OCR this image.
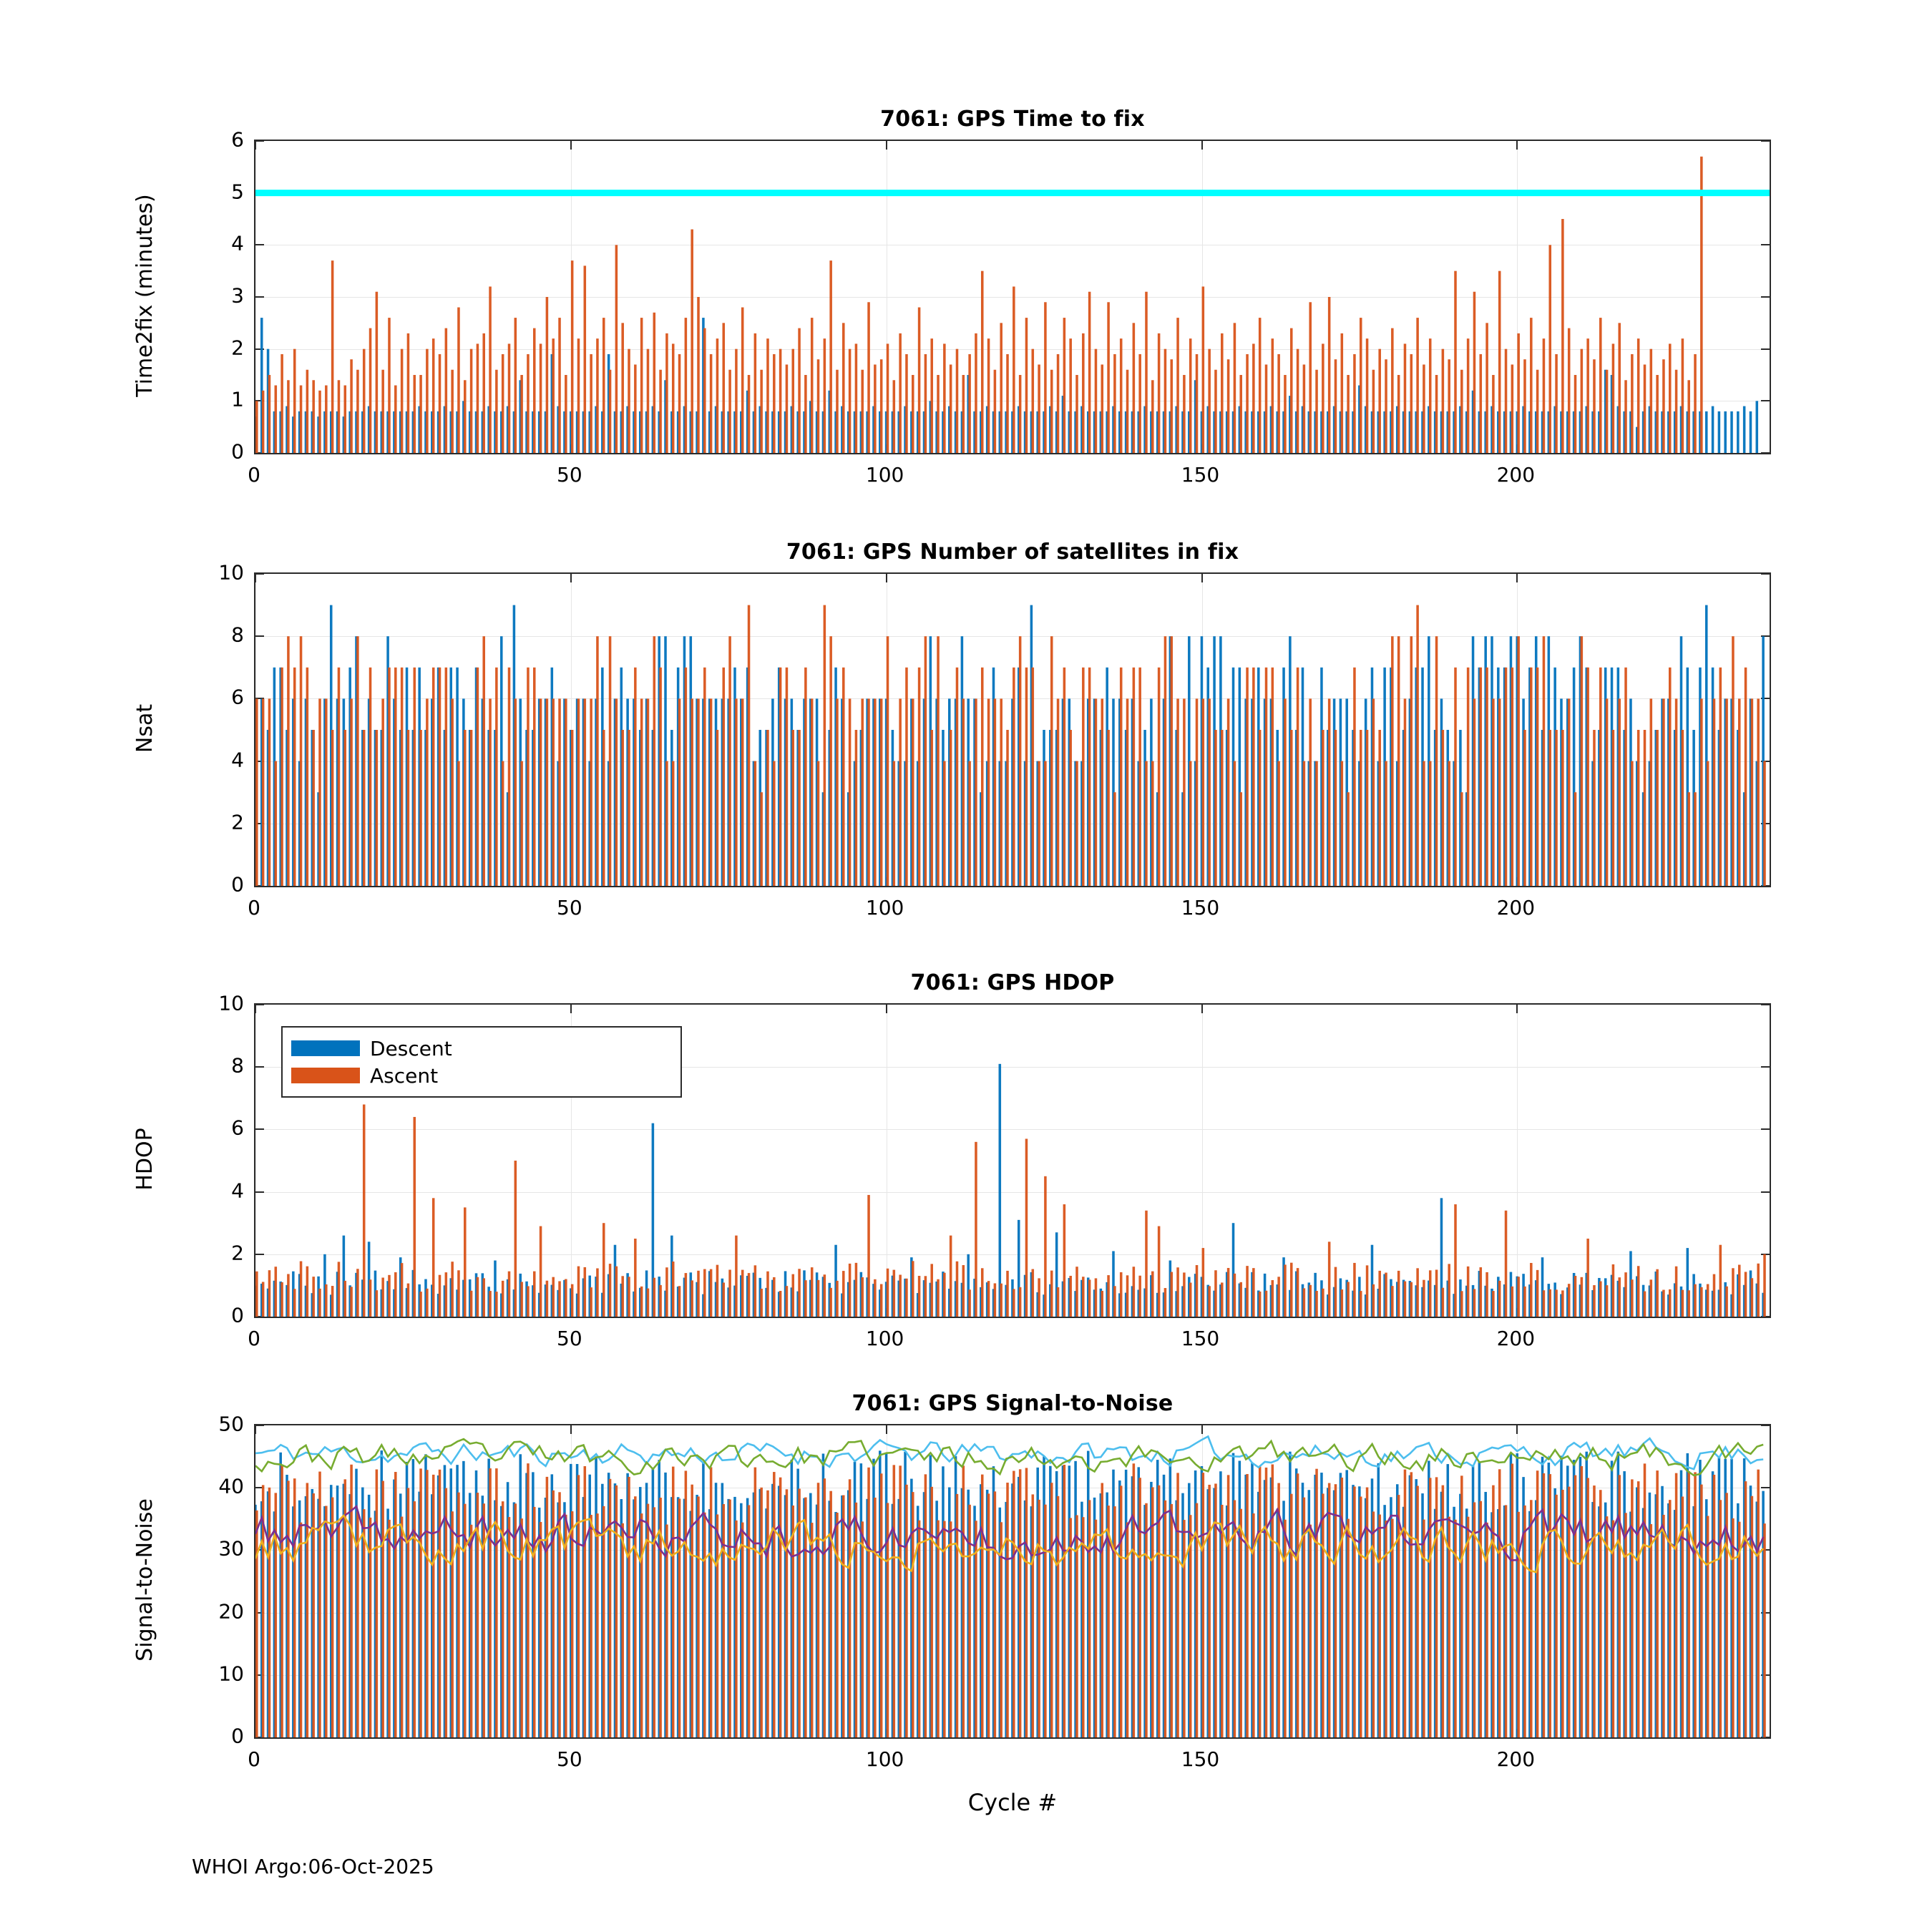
7061: GPS Time to fix
Time2fix (minutes)
0	50	100	150	200
0
1
2
3
4
5
6
7061: GPS Number of satellites in fix
Nsat
0	50	100	150	200
0
2
4
6
8
10
7061: GPS HDOP
HDOP
Descent
Ascent
0	50	100	150	200
0
2
4
6
8
10
7061: GPS Signal-to-Noise
Signal-to-Noise
0	50	100	150	200
0
10
20
30
40
50
Cycle #
WHOI Argo:06-Oct-2025
